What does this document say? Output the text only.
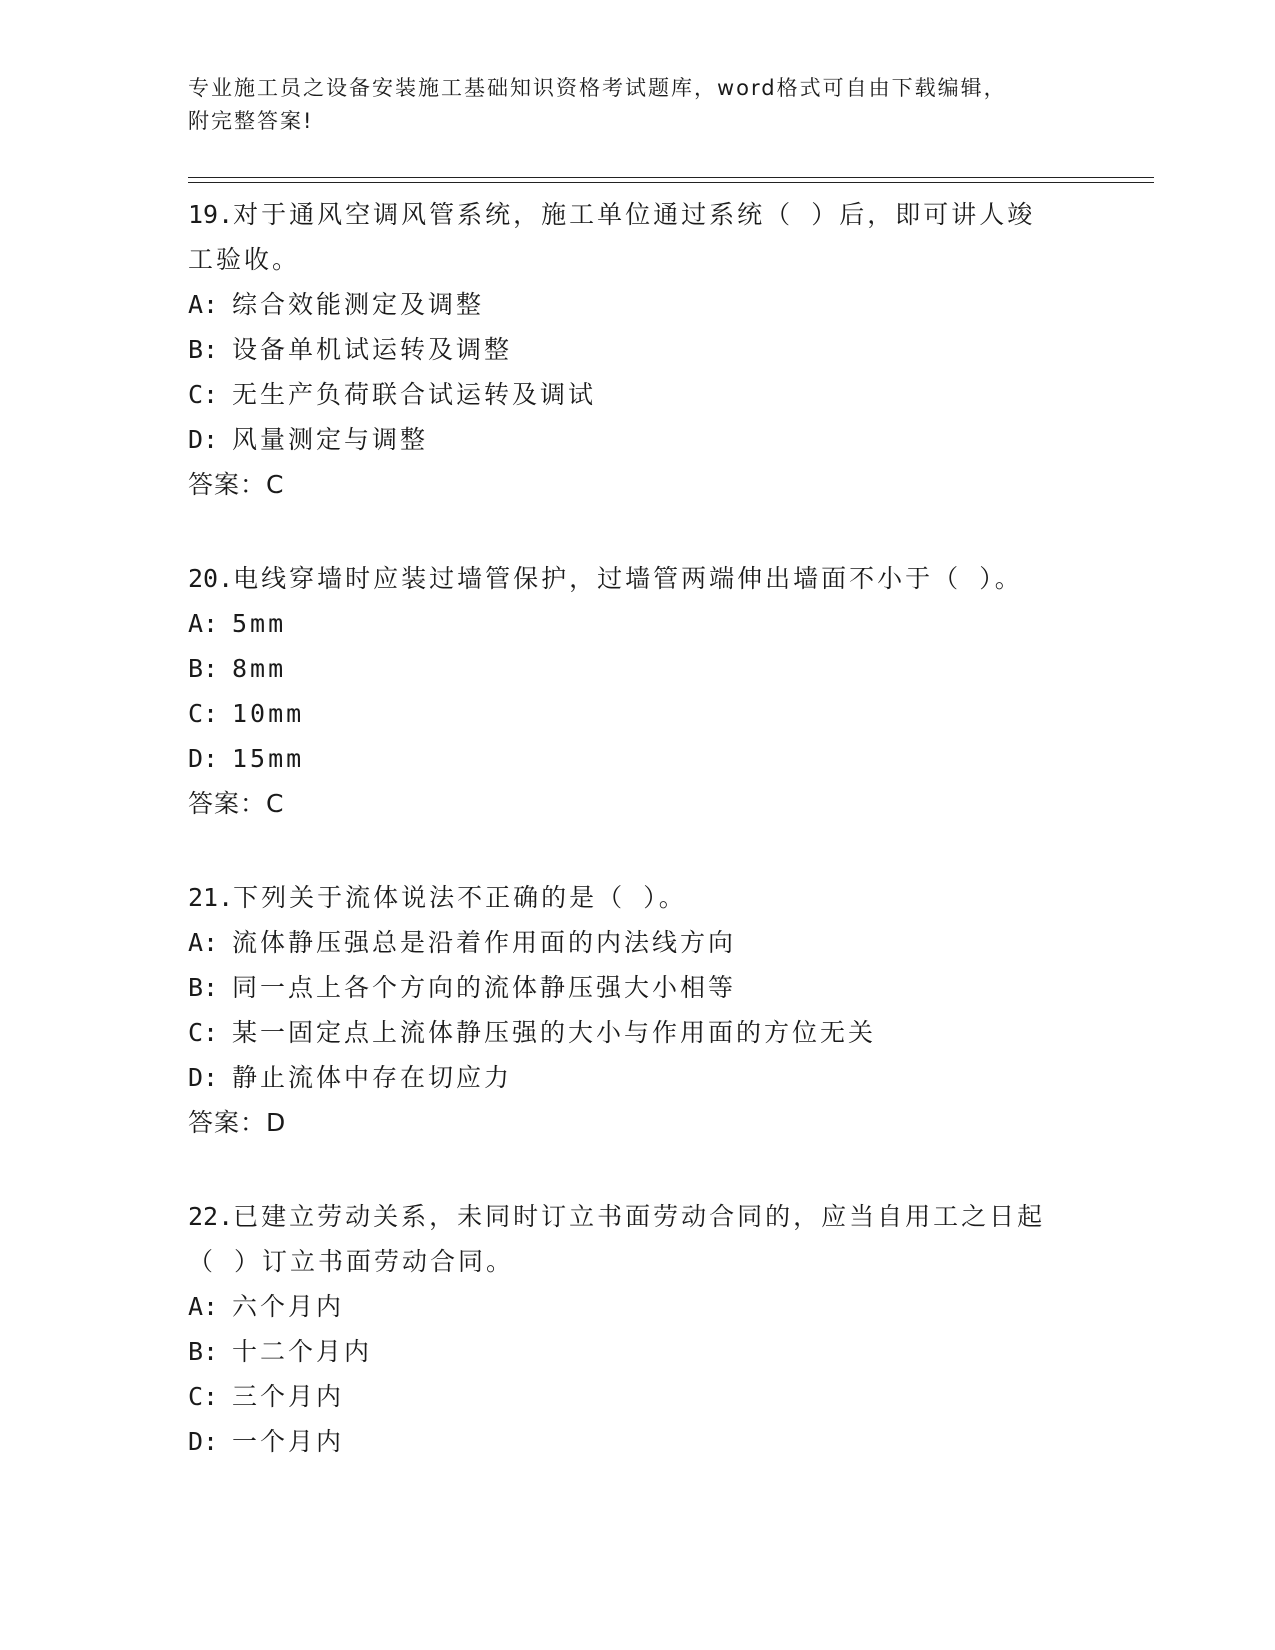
专业施工员之设备安装施工基础知识资格考试题库，word格式可自由下载编辑，
附完整答案!
19.对于通风空调风管系统，施工单位通过系统（ ）后，即可讲人竣工验收。
A: 综合效能测定及调整
B: 设备单机试运转及调整
C: 无生产负荷联合试运转及调试
D: 风量测定与调整
答案：C
20.电线穿墙时应装过墙管保护，过墙管两端伸出墙面不小于（ ）。
A: 5mm
B: 8mm
C: 10mm
D: 15mm
答案：C
21.下列关于流体说法不正确的是（ ）。
A: 流体静压强总是沿着作用面的内法线方向
B: 同一点上各个方向的流体静压强大小相等
C: 某一固定点上流体静压强的大小与作用面的方位无关
D: 静止流体中存在切应力
答案：D
22.已建立劳动关系，未同时订立书面劳动合同的，应当自用工之日起（ ）订立书面劳动合同。
A: 六个月内
B: 十二个月内
C: 三个月内
D: 一个月内
